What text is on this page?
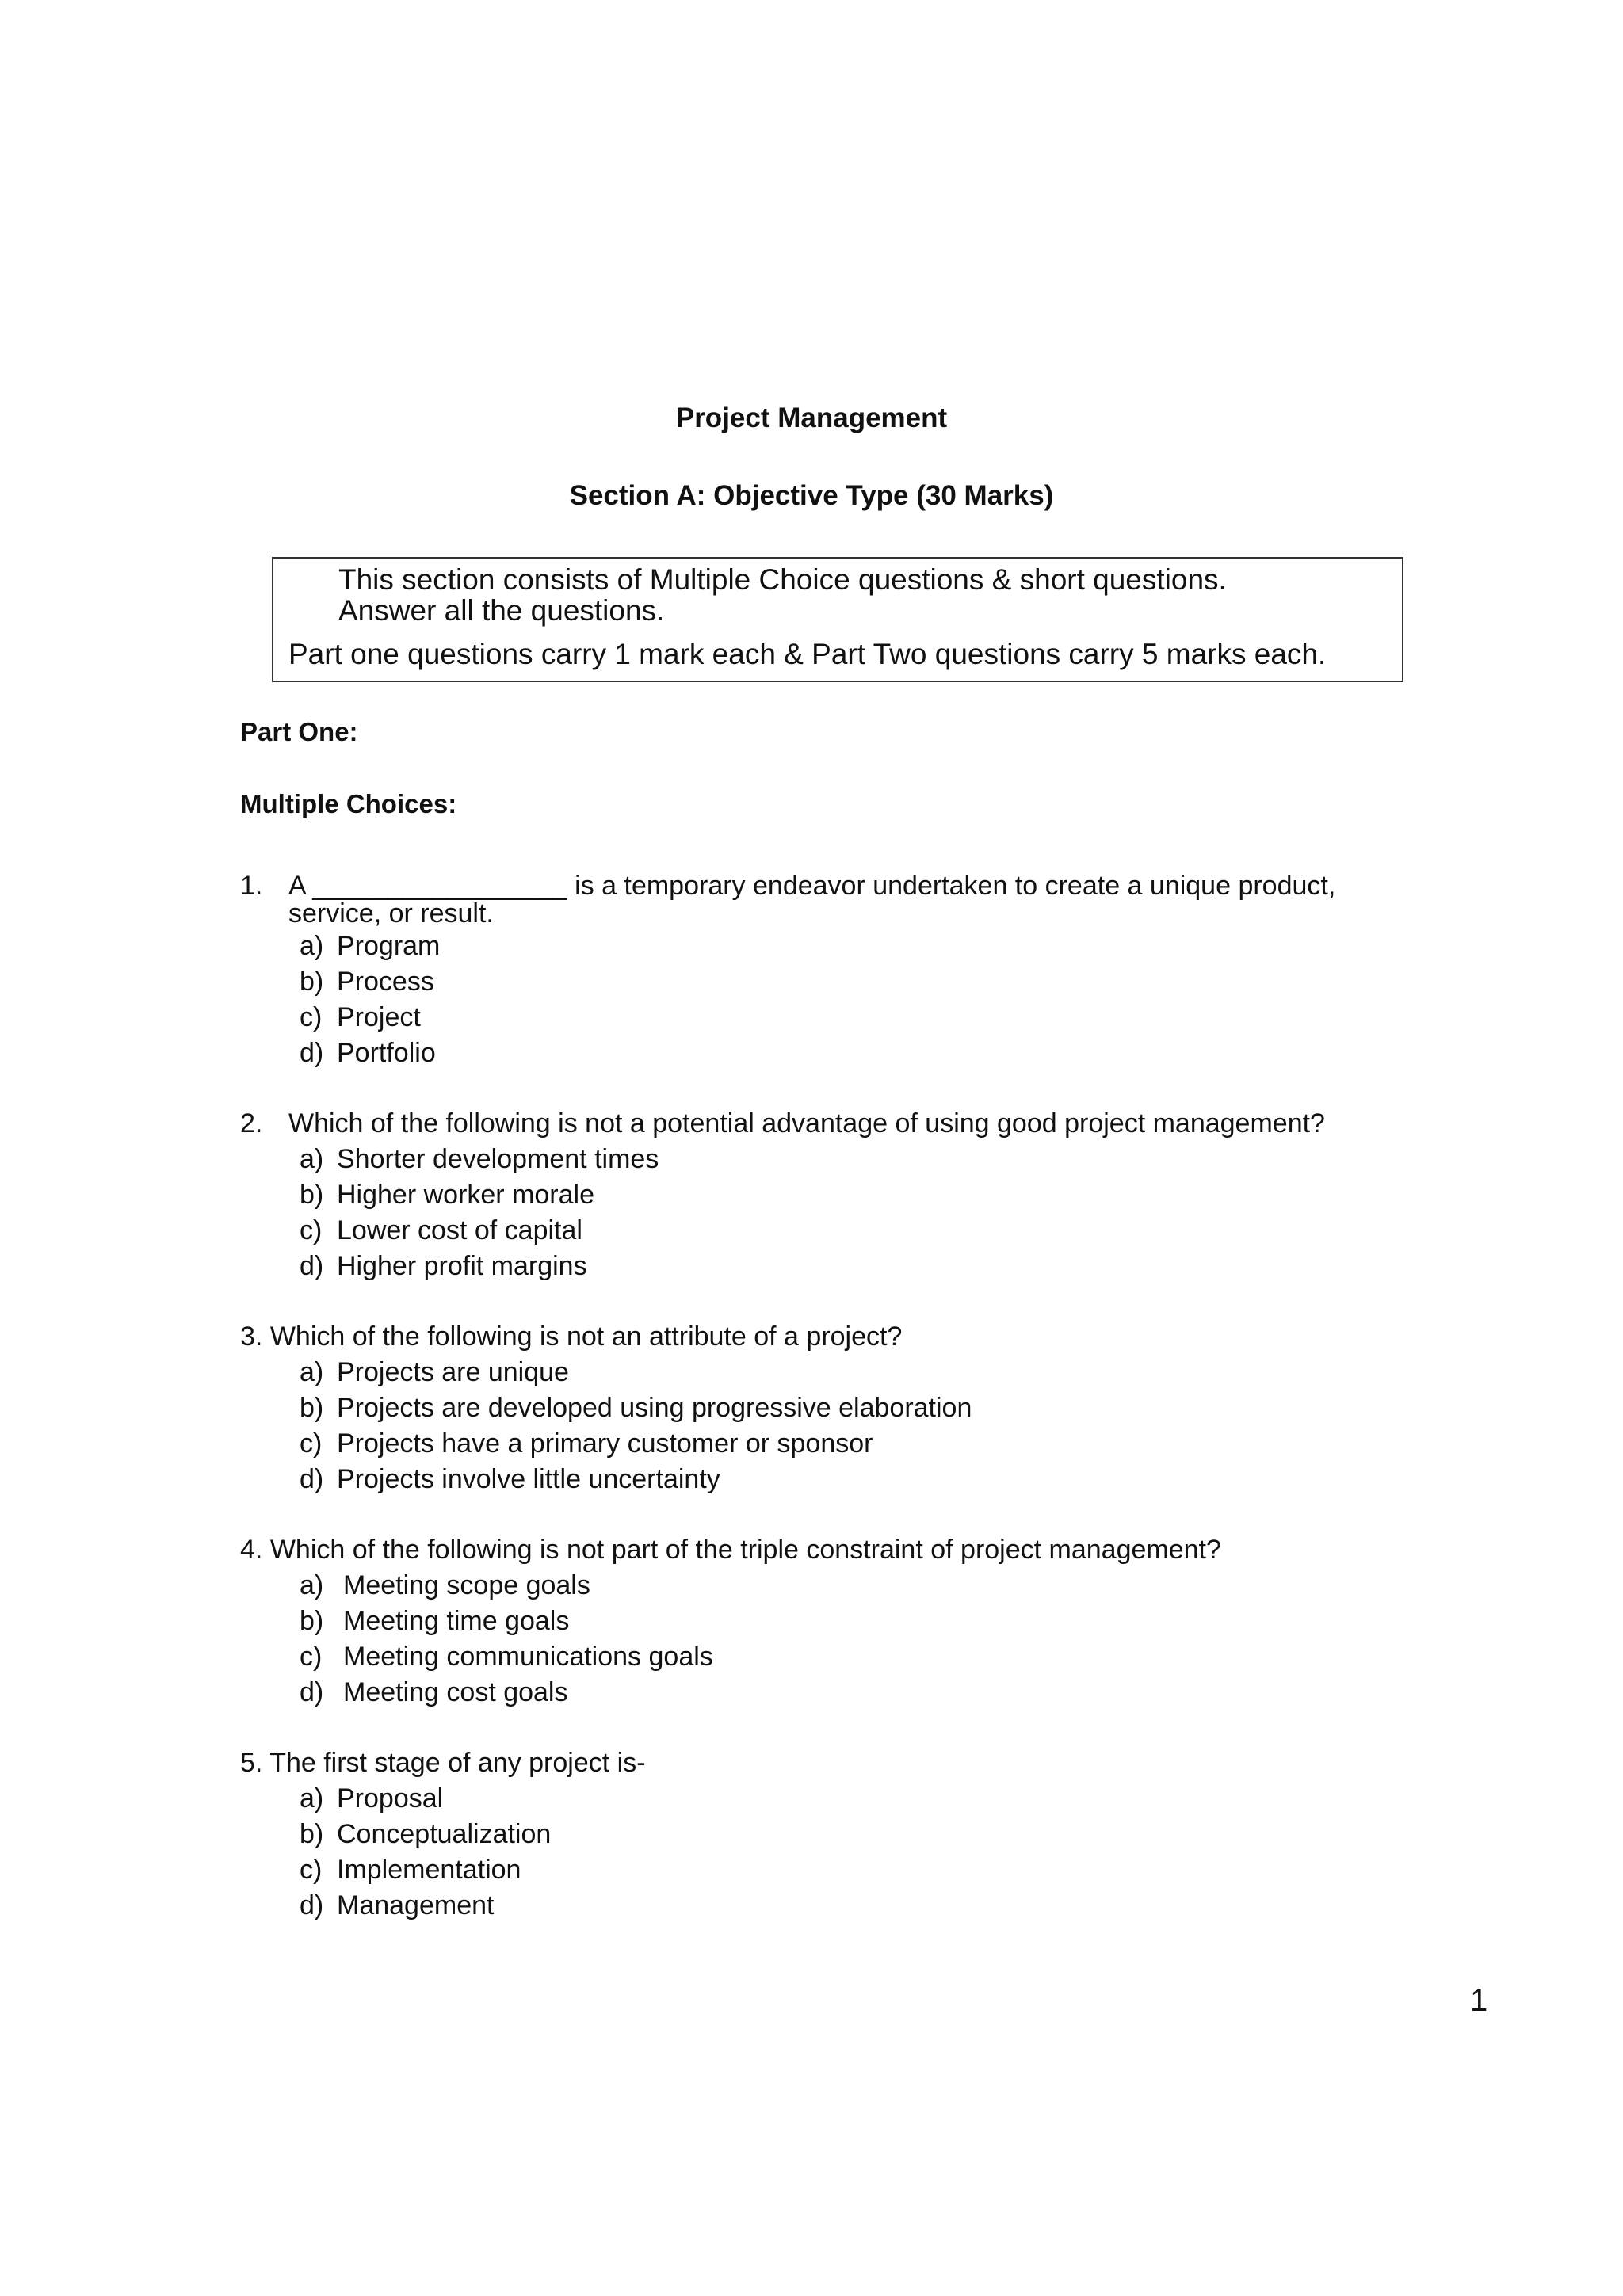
Project Management
Section A: Objective Type (30 Marks)
This section consists of Multiple Choice questions & short questions.
Answer all the questions.
Part one questions carry 1 mark each & Part Two questions carry 5 marks each.
Part One:
Multiple Choices:
1. A _________________ is a temporary endeavor undertaken to create a unique product,
service, or result.
a) Program
b) Process
c) Project
d) Portfolio
2. Which of the following is not a potential advantage of using good project management?
a) Shorter development times
b) Higher worker morale
c) Lower cost of capital
d) Higher profit margins
3. Which of the following is not an attribute of a project?
a) Projects are unique
b) Projects are developed using progressive elaboration
c) Projects have a primary customer or sponsor
d) Projects involve little uncertainty
4. Which of the following is not part of the triple constraint of project management?
a) Meeting scope goals
b) Meeting time goals
c) Meeting communications goals
d) Meeting cost goals
5. The first stage of any project is-
a) Proposal
b) Conceptualization
c) Implementation
d) Management
1
